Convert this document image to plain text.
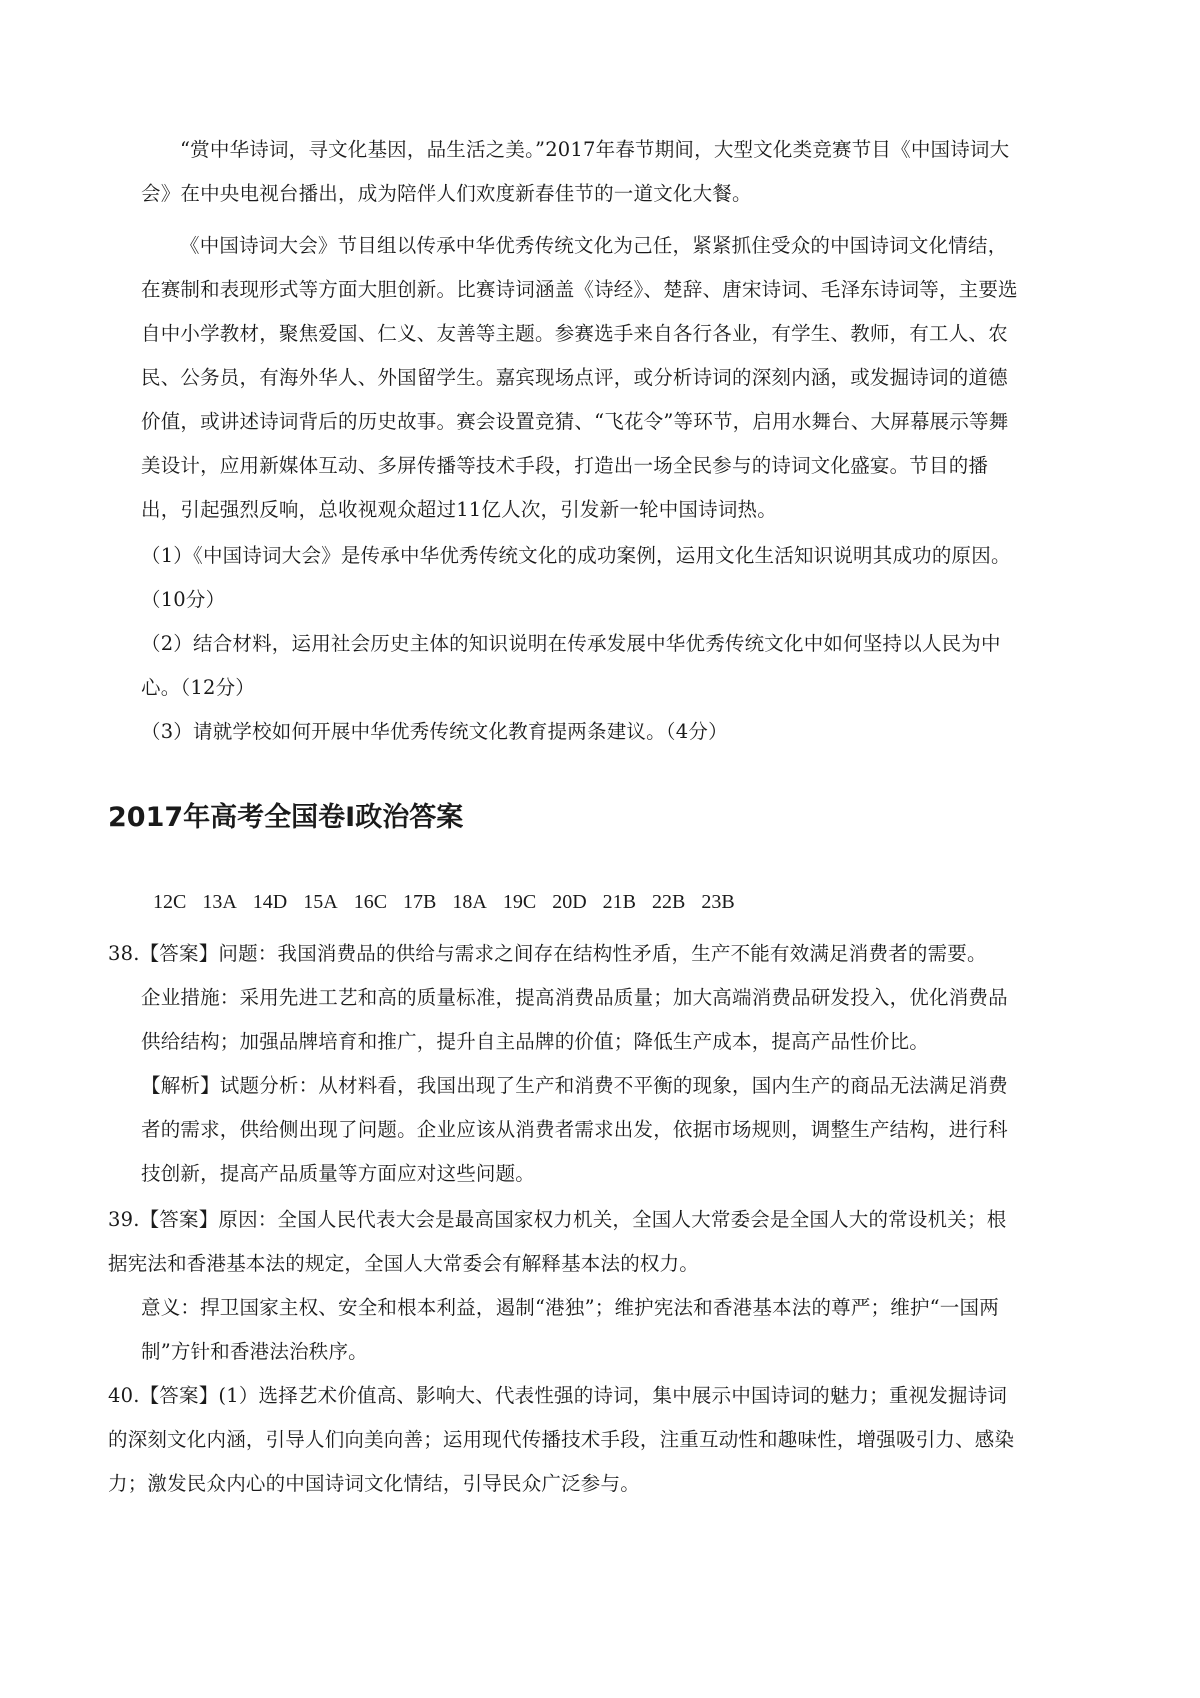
“赏中华诗词，寻文化基因，品生活之美。”2017年春节期间，大型文化类竞赛节目《中国诗词大会》在中央电视台播出，成为陪伴人们欢度新春佳节的一道文化大餐。
《中国诗词大会》节目组以传承中华优秀传统文化为己任，紧紧抓住受众的中国诗词文化情结，在赛制和表现形式等方面大胆创新。比赛诗词涵盖《诗经》、楚辞、唐宋诗词、毛泽东诗词等，主要选自中小学教材，聚焦爱国、仁义、友善等主题。参赛选手来自各行各业，有学生、教师，有工人、农民、公务员，有海外华人、外国留学生。嘉宾现场点评，或分析诗词的深刻内涵，或发掘诗词的道德价值，或讲述诗词背后的历史故事。赛会设置竞猜、“飞花令”等环节，启用水舞台、大屏幕展示等舞美设计，应用新媒体互动、多屏传播等技术手段，打造出一场全民参与的诗词文化盛宴。节目的播出，引起强烈反响，总收视观众超过11亿人次，引发新一轮中国诗词热。
（1）《中国诗词大会》是传承中华优秀传统文化的成功案例，运用文化生活知识说明其成功的原因。（10分）
（2）结合材料，运用社会历史主体的知识说明在传承发展中华优秀传统文化中如何坚持以人民为中心。（12分）
（3）请就学校如何开展中华优秀传统文化教育提两条建议。（4分）
2017年高考全国卷Ⅰ政治答案
12C 13A 14D 15A 16C 17B 18A 19C 20D 21B 22B 23B
38.【答案】问题：我国消费品的供给与需求之间存在结构性矛盾，生产不能有效满足消费者的需要。
企业措施：采用先进工艺和高的质量标准，提高消费品质量；加大高端消费品研发投入，优化消费品供给结构；加强品牌培育和推广，提升自主品牌的价值；降低生产成本，提高产品性价比。
【解析】试题分析：从材料看，我国出现了生产和消费不平衡的现象，国内生产的商品无法满足消费者的需求，供给侧出现了问题。企业应该从消费者需求出发，依据市场规则，调整生产结构，进行科技创新，提高产品质量等方面应对这些问题。
39.【答案】原因：全国人民代表大会是最高国家权力机关，全国人大常委会是全国人大的常设机关；根据宪法和香港基本法的规定，全国人大常委会有解释基本法的权力。
意义：捍卫国家主权、安全和根本利益，遏制“港独”；维护宪法和香港基本法的尊严；维护“一国两制”方针和香港法治秩序。
40.【答案】(1）选择艺术价值高、影响大、代表性强的诗词，集中展示中国诗词的魅力；重视发掘诗词的深刻文化内涵，引导人们向美向善；运用现代传播技术手段，注重互动性和趣味性，增强吸引力、感染力；激发民众内心的中国诗词文化情结，引导民众广泛参与。
